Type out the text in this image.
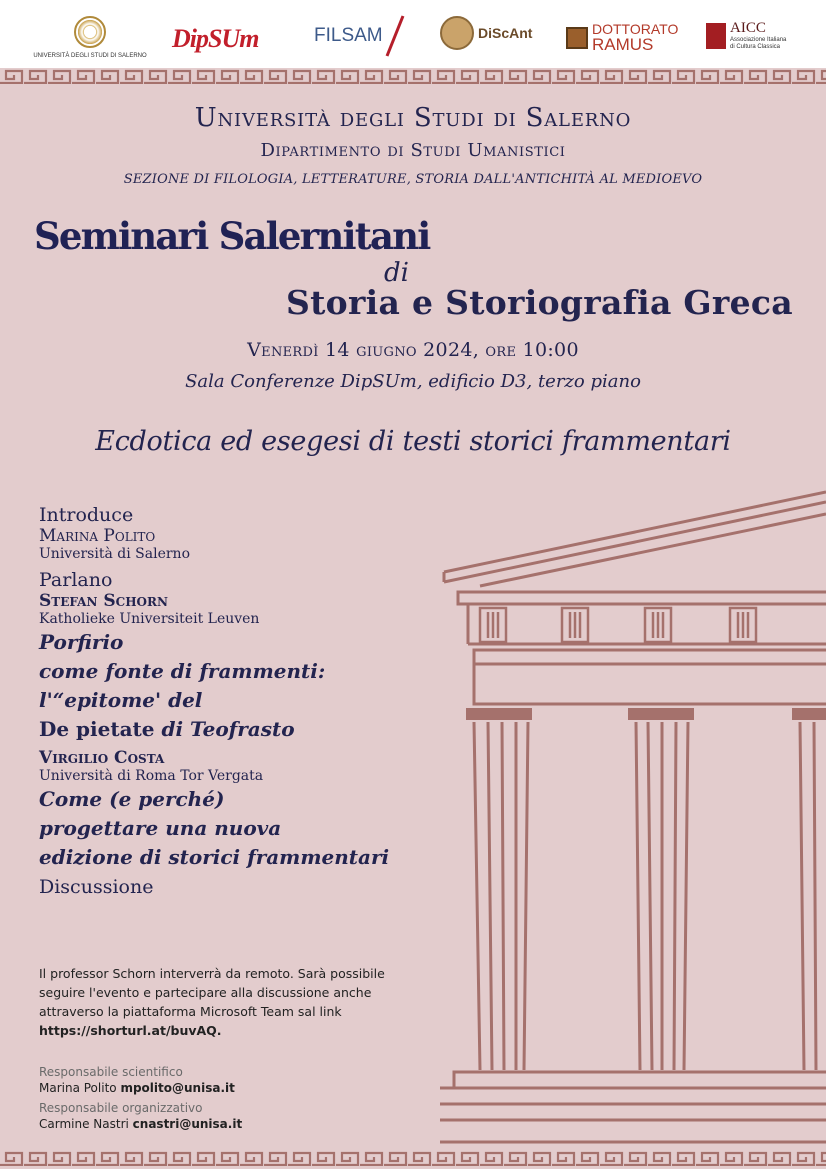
UNIVERSITÀ DEGLI STUDI DI SALERNO
DipSUm	FILSAM	DiScAnt	DOTTORATO
RAMUS
AICC
Associazione Italiana
di Cultura Classica
Università degli Studi di Salerno
Dipartimento di Studi Umanistici
SEZIONE DI FILOLOGIA, LETTERATURE, STORIA DALL'ANTICHITÀ AL MEDIOEVO
Seminari Salernitani
di
Storia e Storiografia Greca
Venerdì 14 giugno 2024, ore 10:00
Sala Conferenze DipSUm, edificio D3, terzo piano
Ecdotica ed esegesi di testi storici frammentari
Introduce
Marina Polito
Università di Salerno
Parlano
Stefan Schorn
Katholieke Universiteit Leuven
Porfirio
come fonte di frammenti:
l'“epitome' del
De pietate di Teofrasto
Virgilio Costa
Università di Roma Tor Vergata
Come (e perché)
progettare una nuova
edizione di storici frammentari
Discussione
Il professor Schorn interverrà da remoto. Sarà possibile
seguire l'evento e partecipare alla discussione anche
attraverso la piattaforma Microsoft Team sal link
https://shorturl.at/buvAQ.
Responsabile scientifico
Marina Polito mpolito@unisa.it
Responsabile organizzativo
Carmine Nastri cnastri@unisa.it
